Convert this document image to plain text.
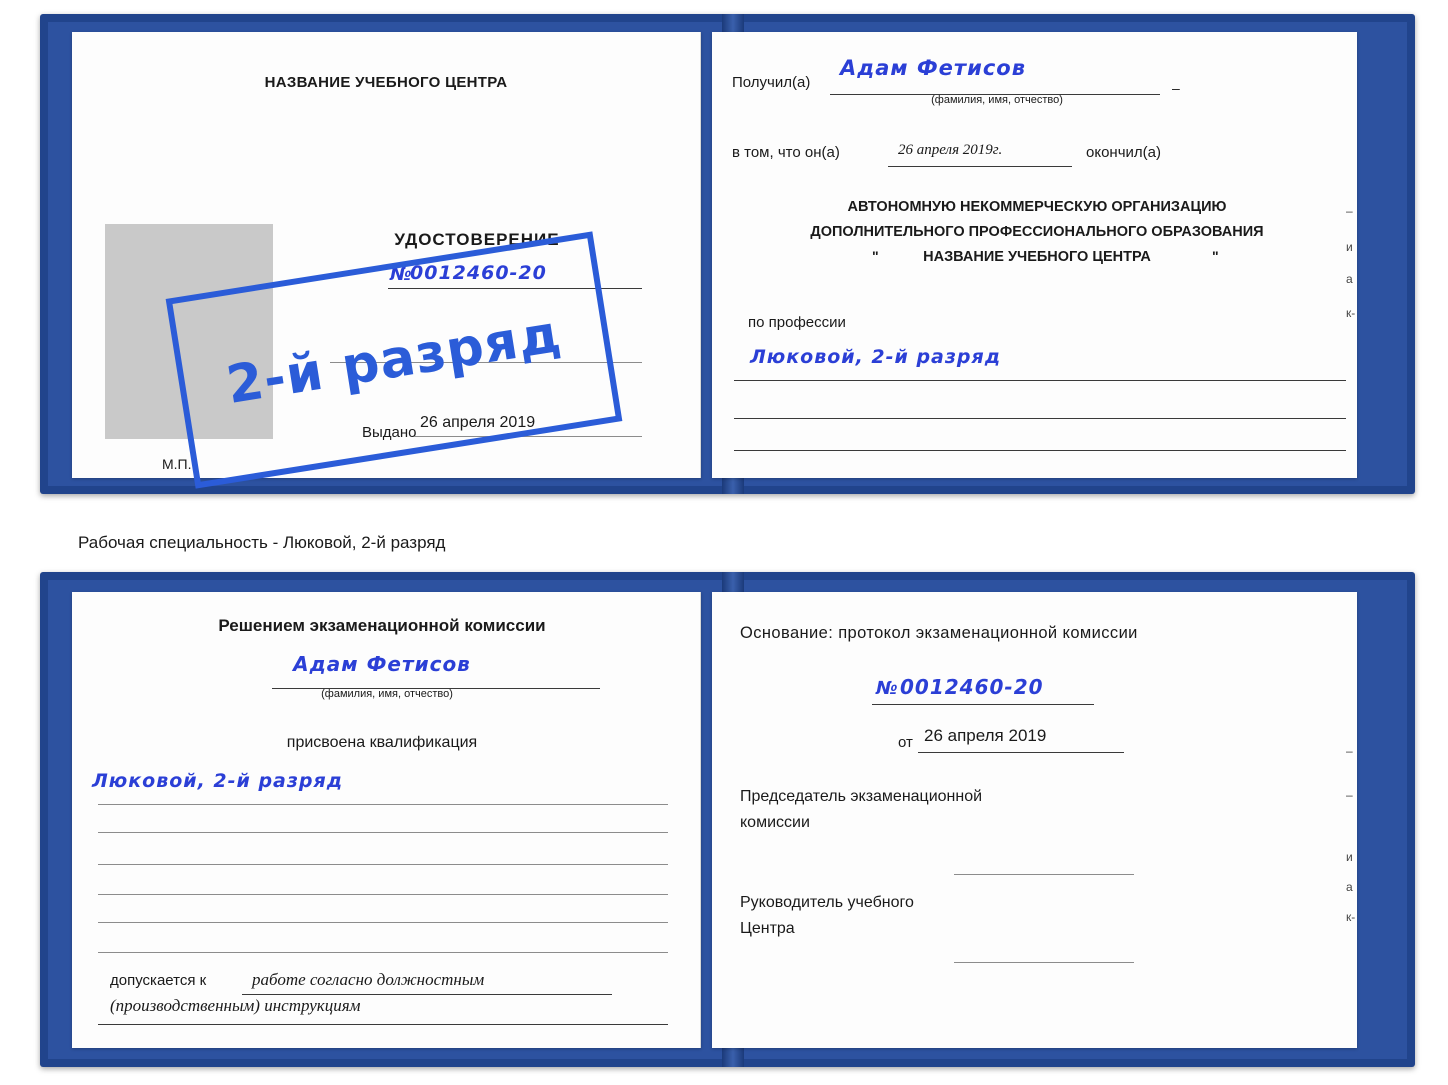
НАЗВАНИЕ УЧЕБНОГО ЦЕНТРА
УДОСТОВЕРЕНИЕ
№
0012460-20
Выдано
26 апреля 2019
М.П.
2-й разряд
Получил(а)
Адам Фетисов
(фамилия, имя, отчество)
–
в том, что он(а)	26 апреля 2019г.	окончил(а)
АВТОНОМНУЮ НЕКОММЕРЧЕСКУЮ ОРГАНИЗАЦИЮ
ДОПОЛНИТЕЛЬНОГО ПРОФЕССИОНАЛЬНОГО ОБРАЗОВАНИЯ
"	НАЗВАНИЕ УЧЕБНОГО ЦЕНТРА	"
по профессии
Люковой, 2-й разряд
–
и
а
к-
Рабочая специальность - Люковой, 2-й разряд
Решением экзаменационной комиссии
Адам Фетисов
(фамилия, имя, отчество)
присвоена квалификация
Люковой, 2-й разряд
допускается к	работе согласно должностным
(производственным) инструкциям
Основание: протокол экзаменационной комиссии
№ 0012460-20
от 26 апреля 2019
Председатель экзаменационной
комиссии
Руководитель учебного
Центра
–
–
и
а
к-
